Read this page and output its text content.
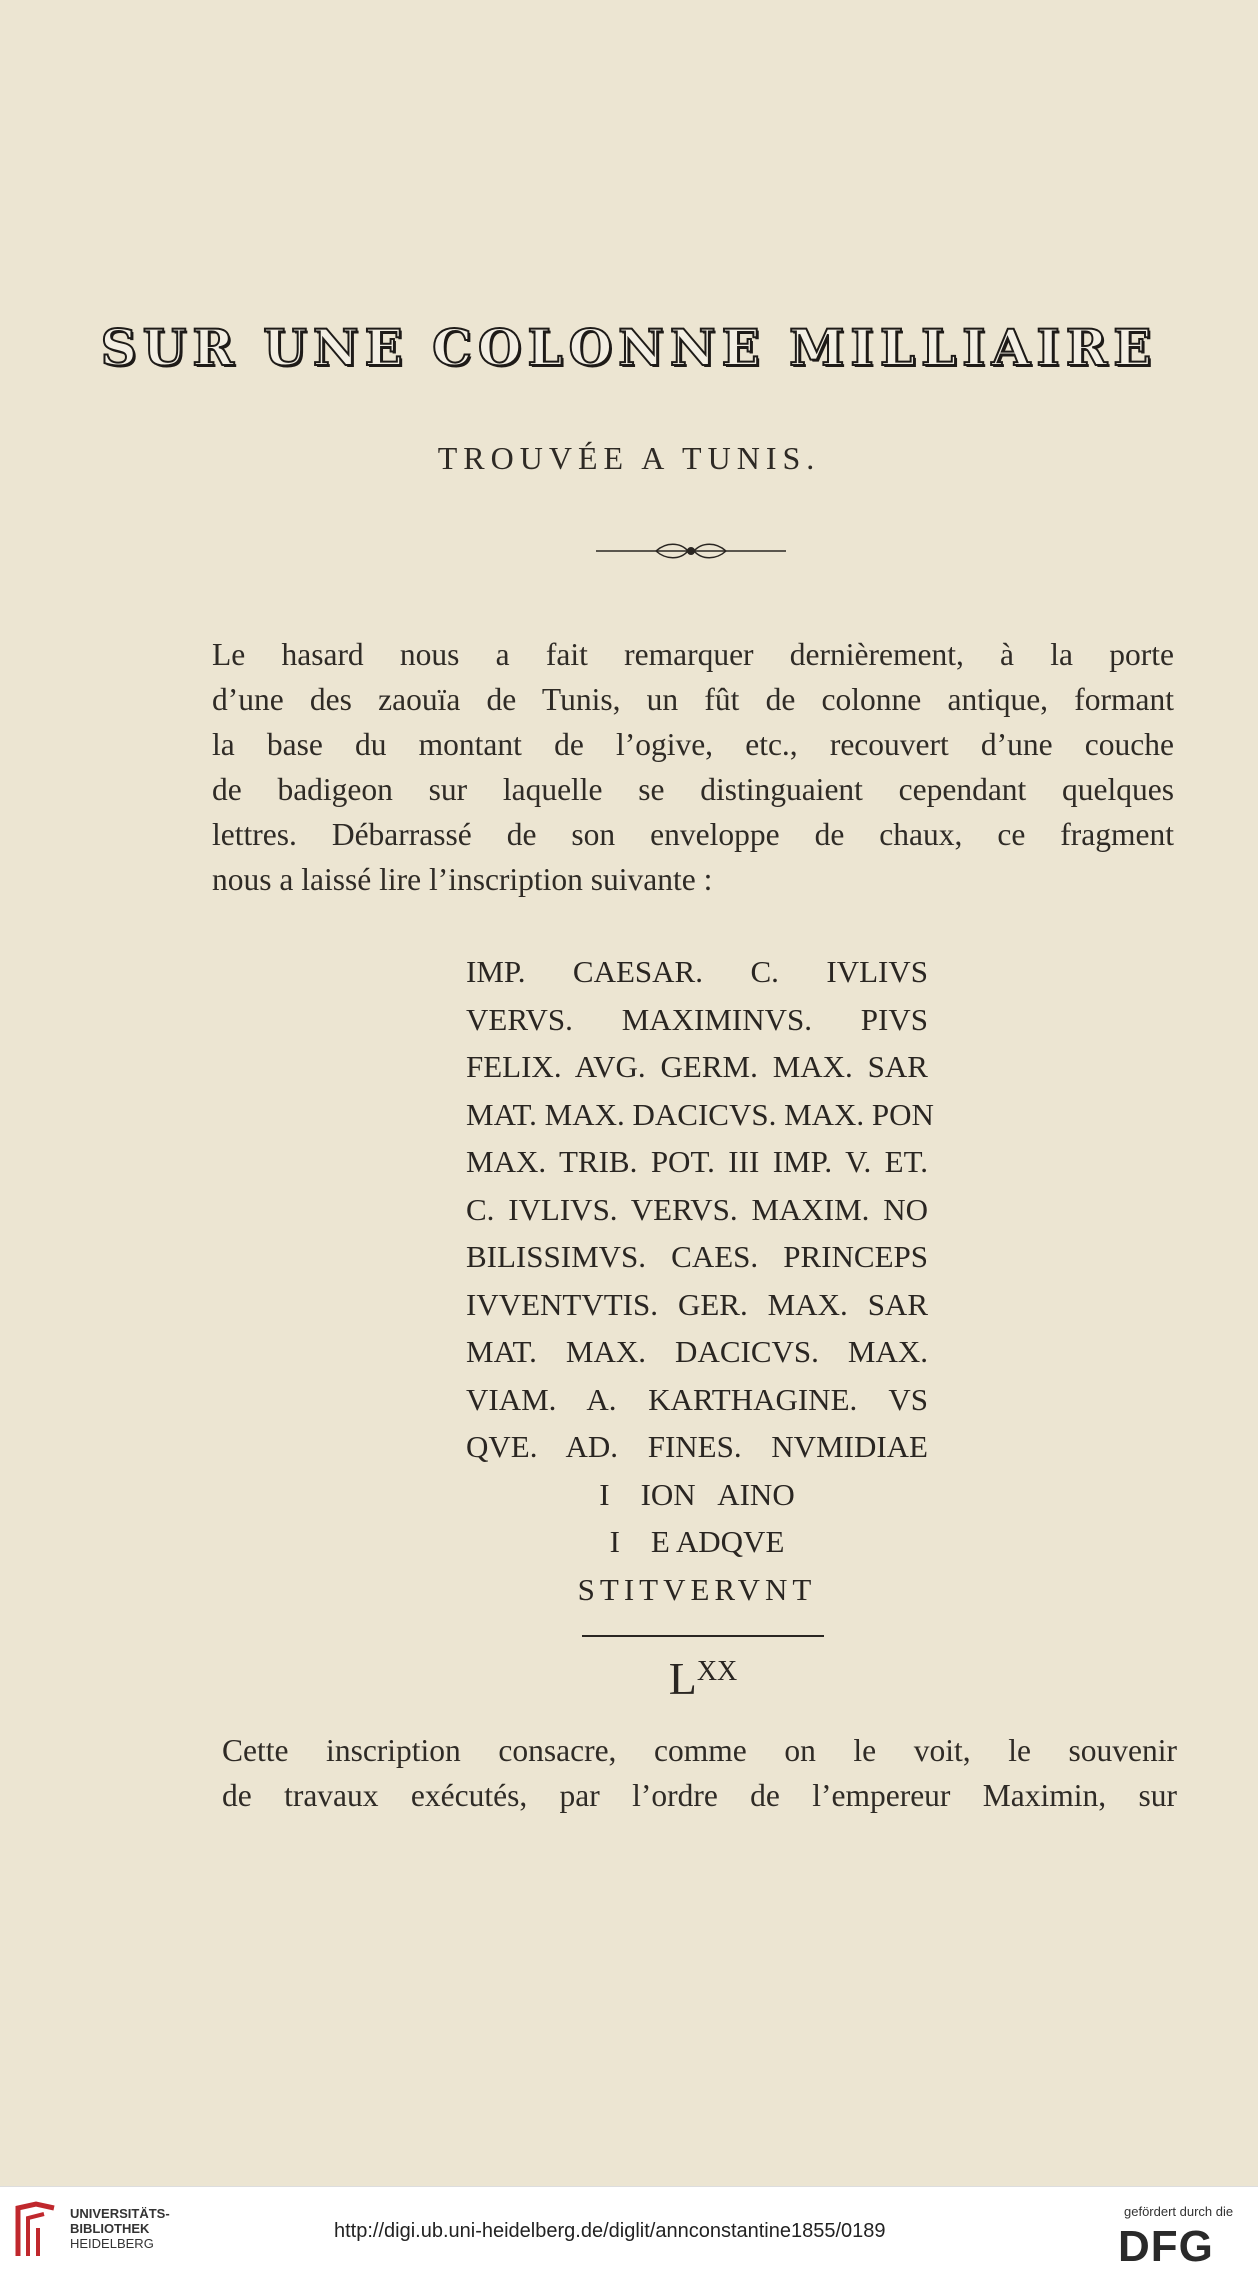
SUR UNE COLONNE MILLIAIRE
TROUVÉE A TUNIS.
Le hasard nous a fait remarquer dernièrement, à la porte
d’une des zaouïa de Tunis, un fût de colonne antique, formant
la base du montant de l’ogive, etc., recouvert d’une couche
de badigeon sur laquelle se distinguaient cependant quelques
lettres. Débarrassé de son enveloppe de chaux, ce fragment
nous a laissé lire l’inscription suivante :
IMP. CAESAR. C. IVLIVS
VERVS. MAXIMINVS. PIVS
FELIX. AVG. GERM. MAX. SAR
MAT. MAX. DACICVS. MAX. PON
MAX. TRIB. POT. III IMP. V. ET.
C. IVLIVS. VERVS. MAXIM. NO
BILISSIMVS. CAES. PRINCEPS
IVVENTVTIS. GER. MAX. SAR
MAT. MAX. DACICVS. MAX.
VIAM. A. KARTHAGINE. VS
QVE. AD. FINES. NVMIDIAE
I    ION   AINO
I    E ADQVE
STITVERVNT
$L^{XX}$
Cette inscription consacre, comme on le voit, le souvenir
de travaux exécutés, par l’ordre de l’empereur Maximin, sur
UNIVERSITÄTS-
BIBLIOTHEK
HEIDELBERG
http://digi.ub.uni-heidelberg.de/diglit/annconstantine1855/0189
gefördert durch die
DFG
